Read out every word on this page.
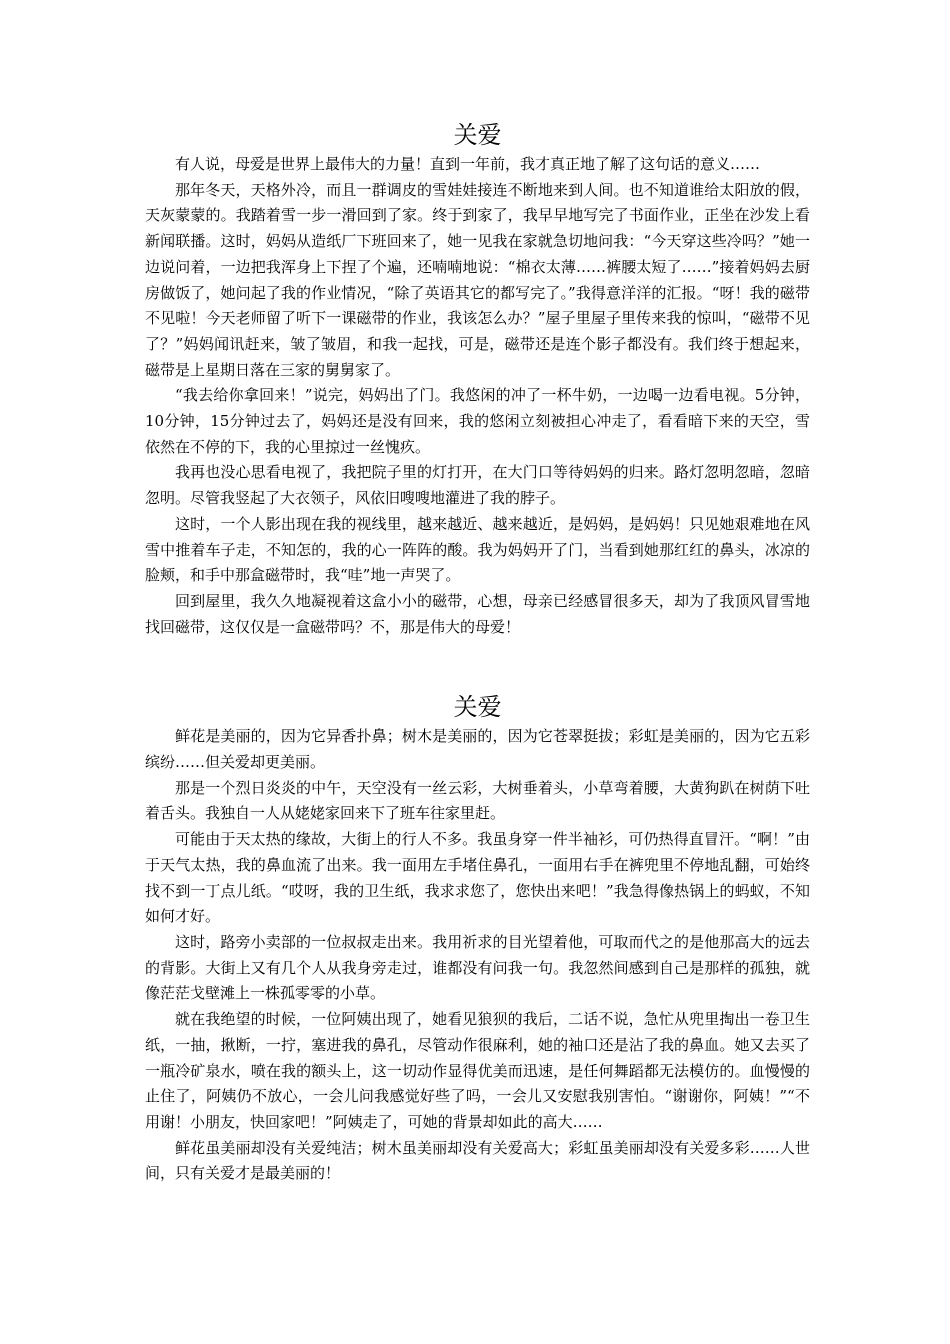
关爱

有人说，母爱是世界上最伟大的力量！直到一年前，我才真正地了解了这句话的意义……

那年冬天，天格外冷，而且一群调皮的雪娃娃接连不断地来到人间。也不知道谁给太阳放的假，天灰蒙蒙的。我踏着雪一步一滑回到了家。终于到家了，我早早地写完了书面作业，正坐在沙发上看新闻联播。这时，妈妈从造纸厂下班回来了，她一见我在家就急切地问我：“今天穿这些冷吗？”她一边说问着，一边把我浑身上下捏了个遍，还喃喃地说：“棉衣太薄……裤腰太短了……”接着妈妈去厨房做饭了，她问起了我的作业情况，“除了英语其它的都写完了。”我得意洋洋的汇报。“呀！我的磁带不见啦！今天老师留了听下一课磁带的作业，我该怎么办？”屋子里屋子里传来我的惊叫，“磁带不见了？”妈妈闻讯赶来，皱了皱眉，和我一起找，可是，磁带还是连个影子都没有。我们终于想起来，磁带是上星期日落在三家的舅舅家了。

“我去给你拿回来！”说完，妈妈出了门。我悠闲的冲了一杯牛奶，一边喝一边看电视。5分钟，10分钟，15分钟过去了，妈妈还是没有回来，我的悠闲立刻被担心冲走了，看看暗下来的天空，雪依然在不停的下，我的心里掠过一丝愧疚。

我再也没心思看电视了，我把院子里的灯打开，在大门口等待妈妈的归来。路灯忽明忽暗，忽暗忽明。尽管我竖起了大衣领子，风依旧嗖嗖地灌进了我的脖子。

这时，一个人影出现在我的视线里，越来越近、越来越近，是妈妈，是妈妈！只见她艰难地在风雪中推着车子走，不知怎的，我的心一阵阵的酸。我为妈妈开了门，当看到她那红红的鼻头，冰凉的脸颊，和手中那盒磁带时，我“哇”地一声哭了。

回到屋里，我久久地凝视着这盒小小的磁带，心想，母亲已经感冒很多天，却为了我顶风冒雪地找回磁带，这仅仅是一盒磁带吗？不，那是伟大的母爱！

关爱

鲜花是美丽的，因为它异香扑鼻；树木是美丽的，因为它苍翠挺拔；彩虹是美丽的，因为它五彩缤纷……但关爱却更美丽。

那是一个烈日炎炎的中午，天空没有一丝云彩，大树垂着头，小草弯着腰，大黄狗趴在树荫下吐着舌头。我独自一人从姥姥家回来下了班车往家里赶。

可能由于天太热的缘故，大街上的行人不多。我虽身穿一件半袖衫，可仍热得直冒汗。“啊！”由于天气太热，我的鼻血流了出来。我一面用左手堵住鼻孔，一面用右手在裤兜里不停地乱翻，可始终找不到一丁点儿纸。“哎呀，我的卫生纸，我求求您了，您快出来吧！”我急得像热锅上的蚂蚁，不知如何才好。

这时，路旁小卖部的一位叔叔走出来。我用祈求的目光望着他，可取而代之的是他那高大的远去的背影。大街上又有几个人从我身旁走过，谁都没有问我一句。我忽然间感到自己是那样的孤独，就像茫茫戈壁滩上一株孤零零的小草。

就在我绝望的时候，一位阿姨出现了，她看见狼狈的我后，二话不说，急忙从兜里掏出一卷卫生纸，一抽，揪断，一拧，塞进我的鼻孔，尽管动作很麻利，她的袖口还是沾了我的鼻血。她又去买了一瓶冷矿泉水，喷在我的额头上，这一切动作显得优美而迅速，是任何舞蹈都无法模仿的。血慢慢的止住了，阿姨仍不放心，一会儿问我感觉好些了吗，一会儿又安慰我别害怕。“谢谢你，阿姨！”“不用谢！小朋友，快回家吧！”阿姨走了，可她的背景却如此的高大……

鲜花虽美丽却没有关爱纯洁；树木虽美丽却没有关爱高大；彩虹虽美丽却没有关爱多彩……人世间，只有关爱才是最美丽的！
